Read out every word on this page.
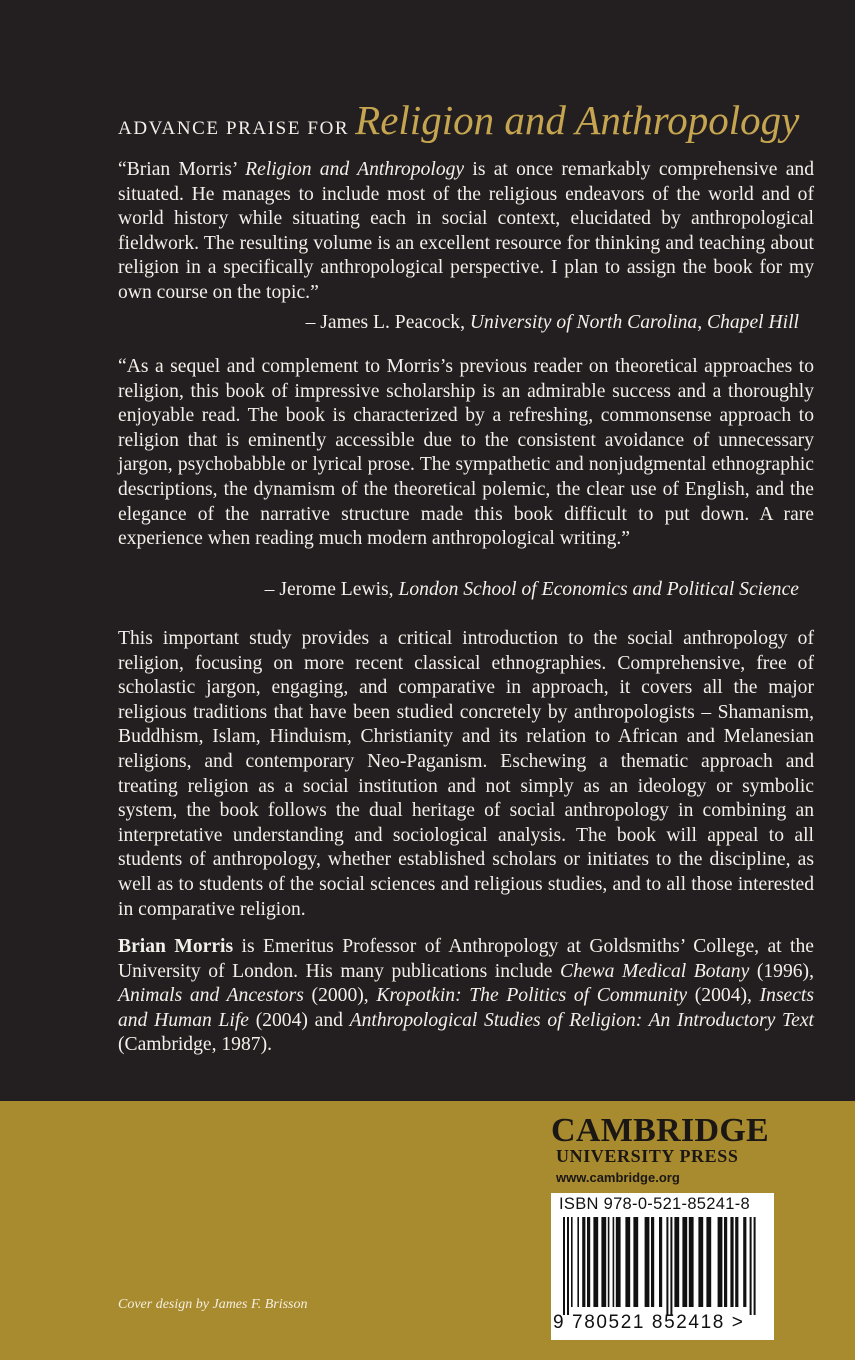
ADVANCE PRAISE FOR Religion and Anthropology

“Brian Morris’ Religion and Anthropology is at once remarkably comprehensive and situated. He manages to include most of the religious endeavors of the world and of world history while situating each in social context, elucidated by anthropological fieldwork. The resulting volume is an excellent resource for thinking and teaching about religion in a specifically anthropological perspective. I plan to assign the book for my own course on the topic.”

– James L. Peacock, University of North Carolina, Chapel Hill

“As a sequel and complement to Morris’s previous reader on theoretical approaches to religion, this book of impressive scholarship is an admirable success and a thoroughly enjoyable read. The book is characterized by a refreshing, commonsense approach to religion that is eminently accessible due to the consistent avoidance of unnecessary jargon, psychobabble or lyrical prose. The sympathetic and nonjudgmental ethnographic descriptions, the dynamism of the theoretical polemic, the clear use of English, and the elegance of the narrative structure made this book difficult to put down. A rare experience when reading much modern anthropological writing.”

– Jerome Lewis, London School of Economics and Political Science

This important study provides a critical introduction to the social anthropology of religion, focusing on more recent classical ethnographies. Comprehensive, free of scholastic jargon, engaging, and comparative in approach, it covers all the major religious traditions that have been studied concretely by anthropologists – Shamanism, Buddhism, Islam, Hinduism, Christianity and its relation to African and Melanesian religions, and contemporary Neo-Paganism. Eschewing a thematic approach and treating religion as a social institution and not simply as an ideology or symbolic system, the book follows the dual heritage of social anthropology in combining an interpretative understanding and sociological analysis. The book will appeal to all students of anthropology, whether established scholars or initiates to the discipline, as well as to students of the social sciences and religious studies, and to all those interested in comparative religion.

Brian Morris is Emeritus Professor of Anthropology at Goldsmiths’ College, at the University of London. His many publications include Chewa Medical Botany (1996), Animals and Ancestors (2000), Kropotkin: The Politics of Community (2004), Insects and Human Life (2004) and Anthropological Studies of Religion: An Introductory Text (Cambridge, 1987).

CAMBRIDGE
UNIVERSITY PRESS
www.cambridge.org
ISBN 978-0-521-85241-8
9 780521 852418 >
Cover design by James F. Brisson
